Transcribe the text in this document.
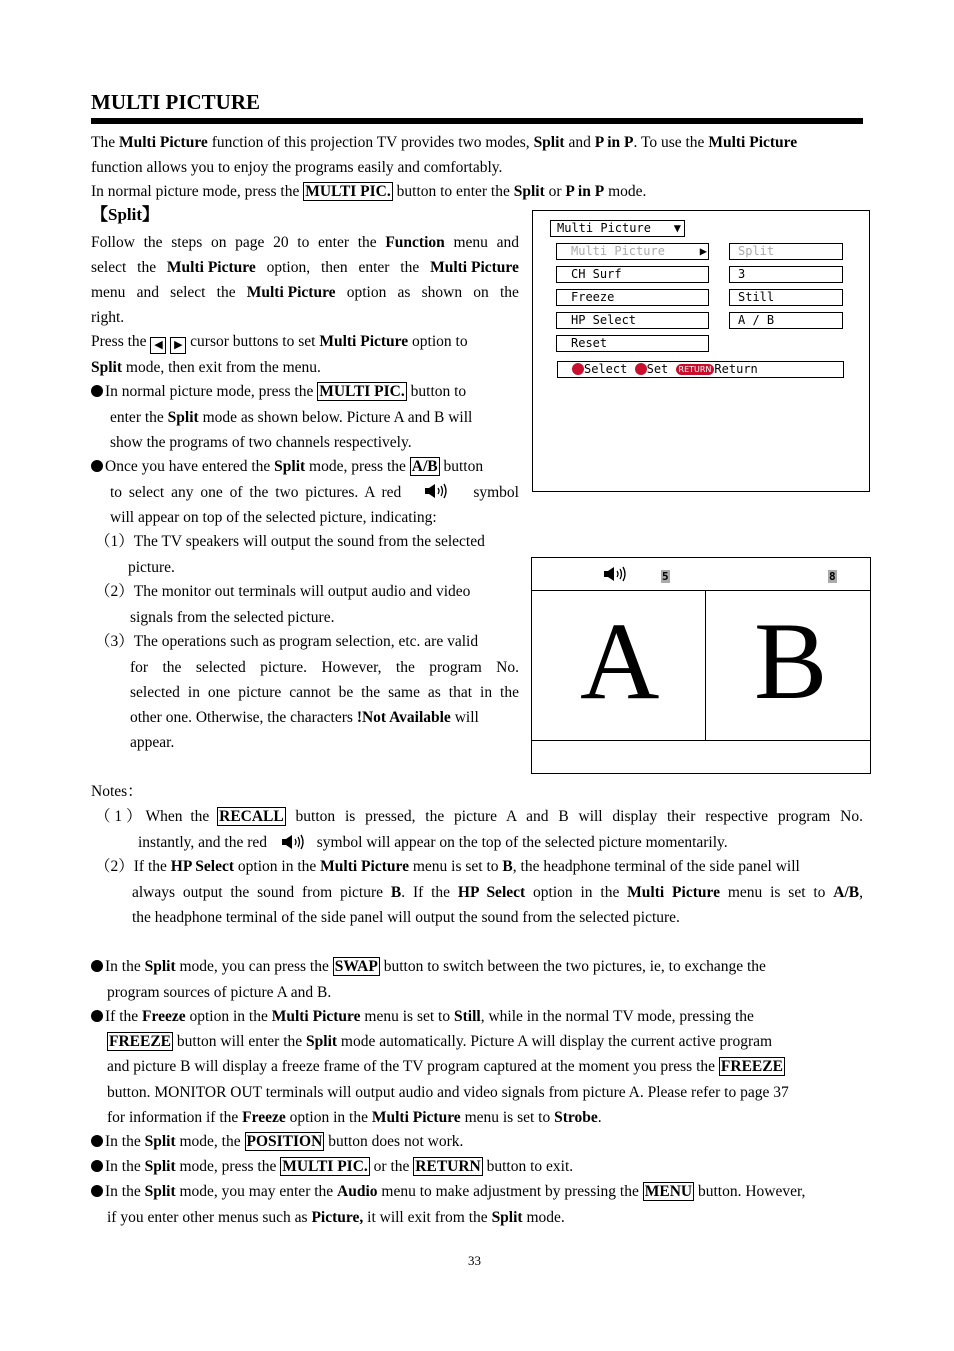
MULTI PICTURE
The Multi Picture function of this projection TV provides two modes, Split and P in P. To use the Multi Picture
function allows you to enjoy the programs easily and comfortably.
In normal picture mode, press the MULTI PIC. button to enter the Split or P in P mode.
【Split】
Follow the steps on page 20 to enter the Function menu and
select the Multi Picture option, then enter the Multi Picture
menu and select the Multi Picture option as shown on the
right.
Press the ◀ ▶ cursor buttons to set Multi Picture option to
Split mode, then exit from the menu.
In normal picture mode, press the MULTI PIC. button to
enter the Split mode as shown below. Picture A and B will
show the programs of two channels respectively.
Once you have entered the Split mode, press the A/B button
to select any one of the two pictures. A red	symbol
will appear on top of the selected picture, indicating:
（1）The TV speakers will output the sound from the selected
picture.
（2）The monitor out terminals will output audio and video
signals from the selected picture.
（3）The operations such as program selection, etc. are valid
for the selected picture. However, the program No.
selected in one picture cannot be the same as that in the
other one. Otherwise, the characters !Not Available will
appear.
Multi Picture ▼
Multi Picture	▶	Split
CH Surf	3
Freeze	Still
HP Select	A / B
Reset
Select Set RETURN Return
5	8
A B
Notes：
（1）When the RECALL button is pressed, the picture A and B will display their respective program No.
instantly, and the red	symbol will appear on the top of the selected picture momentarily.
（2）If the HP Select option in the Multi Picture menu is set to B, the headphone terminal of the side panel will
always output the sound from picture B. If the HP Select option in the Multi Picture menu is set to A/B,
the headphone terminal of the side panel will output the sound from the selected picture.
In the Split mode, you can press the SWAP button to switch between the two pictures, ie, to exchange the
program sources of picture A and B.
If the Freeze option in the Multi Picture menu is set to Still, while in the normal TV mode, pressing the
FREEZE button will enter the Split mode automatically. Picture A will display the current active program
and picture B will display a freeze frame of the TV program captured at the moment you press the FREEZE
button. MONITOR OUT terminals will output audio and video signals from picture A. Please refer to page 37
for information if the Freeze option in the Multi Picture menu is set to Strobe.
In the Split mode, the POSITION button does not work.
In the Split mode, press the MULTI PIC. or the RETURN button to exit.
In the Split mode, you may enter the Audio menu to make adjustment by pressing the MENU button. However,
if you enter other menus such as Picture, it will exit from the Split mode.
33
